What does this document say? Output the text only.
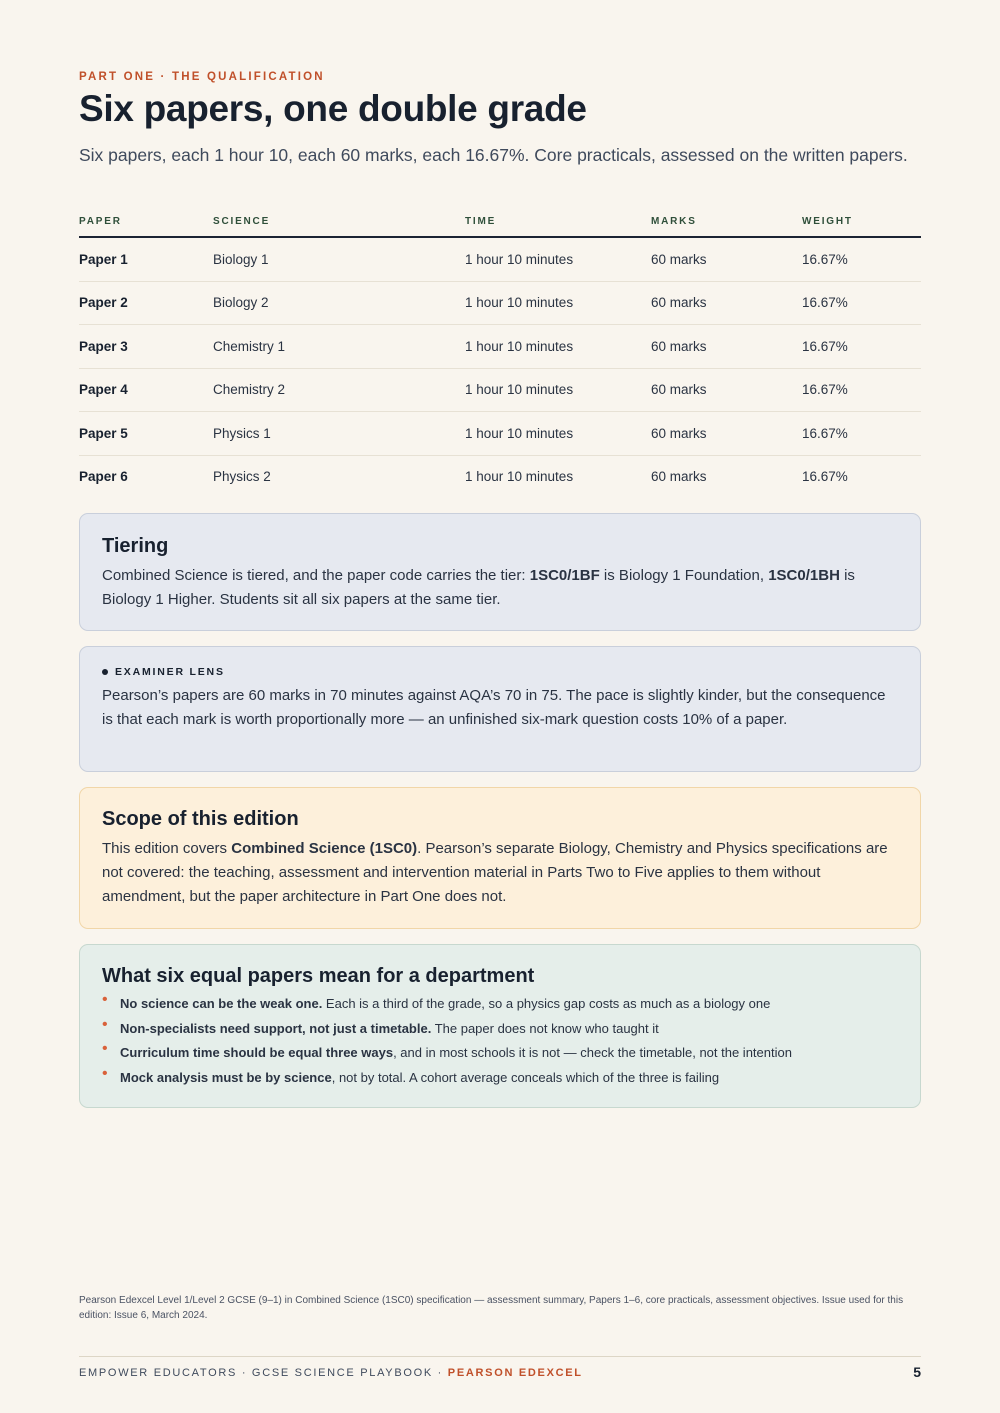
PART ONE · THE QUALIFICATION
Six papers, one double grade

Six papers, each 1 hour 10, each 60 marks, each 16.67%. Core practicals, assessed on the written papers.

PAPER	SCIENCE	TIME	MARKS	WEIGHT
Paper 1	Biology 1	1 hour 10 minutes	60 marks	16.67%
Paper 2	Biology 2	1 hour 10 minutes	60 marks	16.67%
Paper 3	Chemistry 1	1 hour 10 minutes	60 marks	16.67%
Paper 4	Chemistry 2	1 hour 10 minutes	60 marks	16.67%
Paper 5	Physics 1	1 hour 10 minutes	60 marks	16.67%
Paper 6	Physics 2	1 hour 10 minutes	60 marks	16.67%
Tiering

Combined Science is tiered, and the paper code carries the tier: 1SC0/1BF is Biology 1 Foundation, 1SC0/1BH is Biology 1 Higher. Students sit all six papers at the same tier.

EXAMINER LENS

Pearson’s papers are 60 marks in 70 minutes against AQA’s 70 in 75. The pace is slightly kinder, but the consequence is that each mark is worth proportionally more — an unfinished six-mark question costs 10% of a paper.

Scope of this edition

This edition covers Combined Science (1SC0). Pearson’s separate Biology, Chemistry and Physics specifications are not covered: the teaching, assessment and intervention material in Parts Two to Five applies to them without amendment, but the paper architecture in Part One does not.

What six equal papers mean for a department
• No science can be the weak one. Each is a third of the grade, so a physics gap costs as much as a biology one
• Non-specialists need support, not just a timetable. The paper does not know who taught it
• Curriculum time should be equal three ways, and in most schools it is not — check the timetable, not the intention
• Mock analysis must be by science, not by total. A cohort average conceals which of the three is failing

Pearson Edexcel Level 1/Level 2 GCSE (9–1) in Combined Science (1SC0) specification — assessment summary, Papers 1–6, core practicals, assessment objectives. Issue used for this edition: Issue 6, March 2024.

EMPOWER EDUCATORS · GCSE SCIENCE PLAYBOOK · PEARSON EDEXCEL	5
